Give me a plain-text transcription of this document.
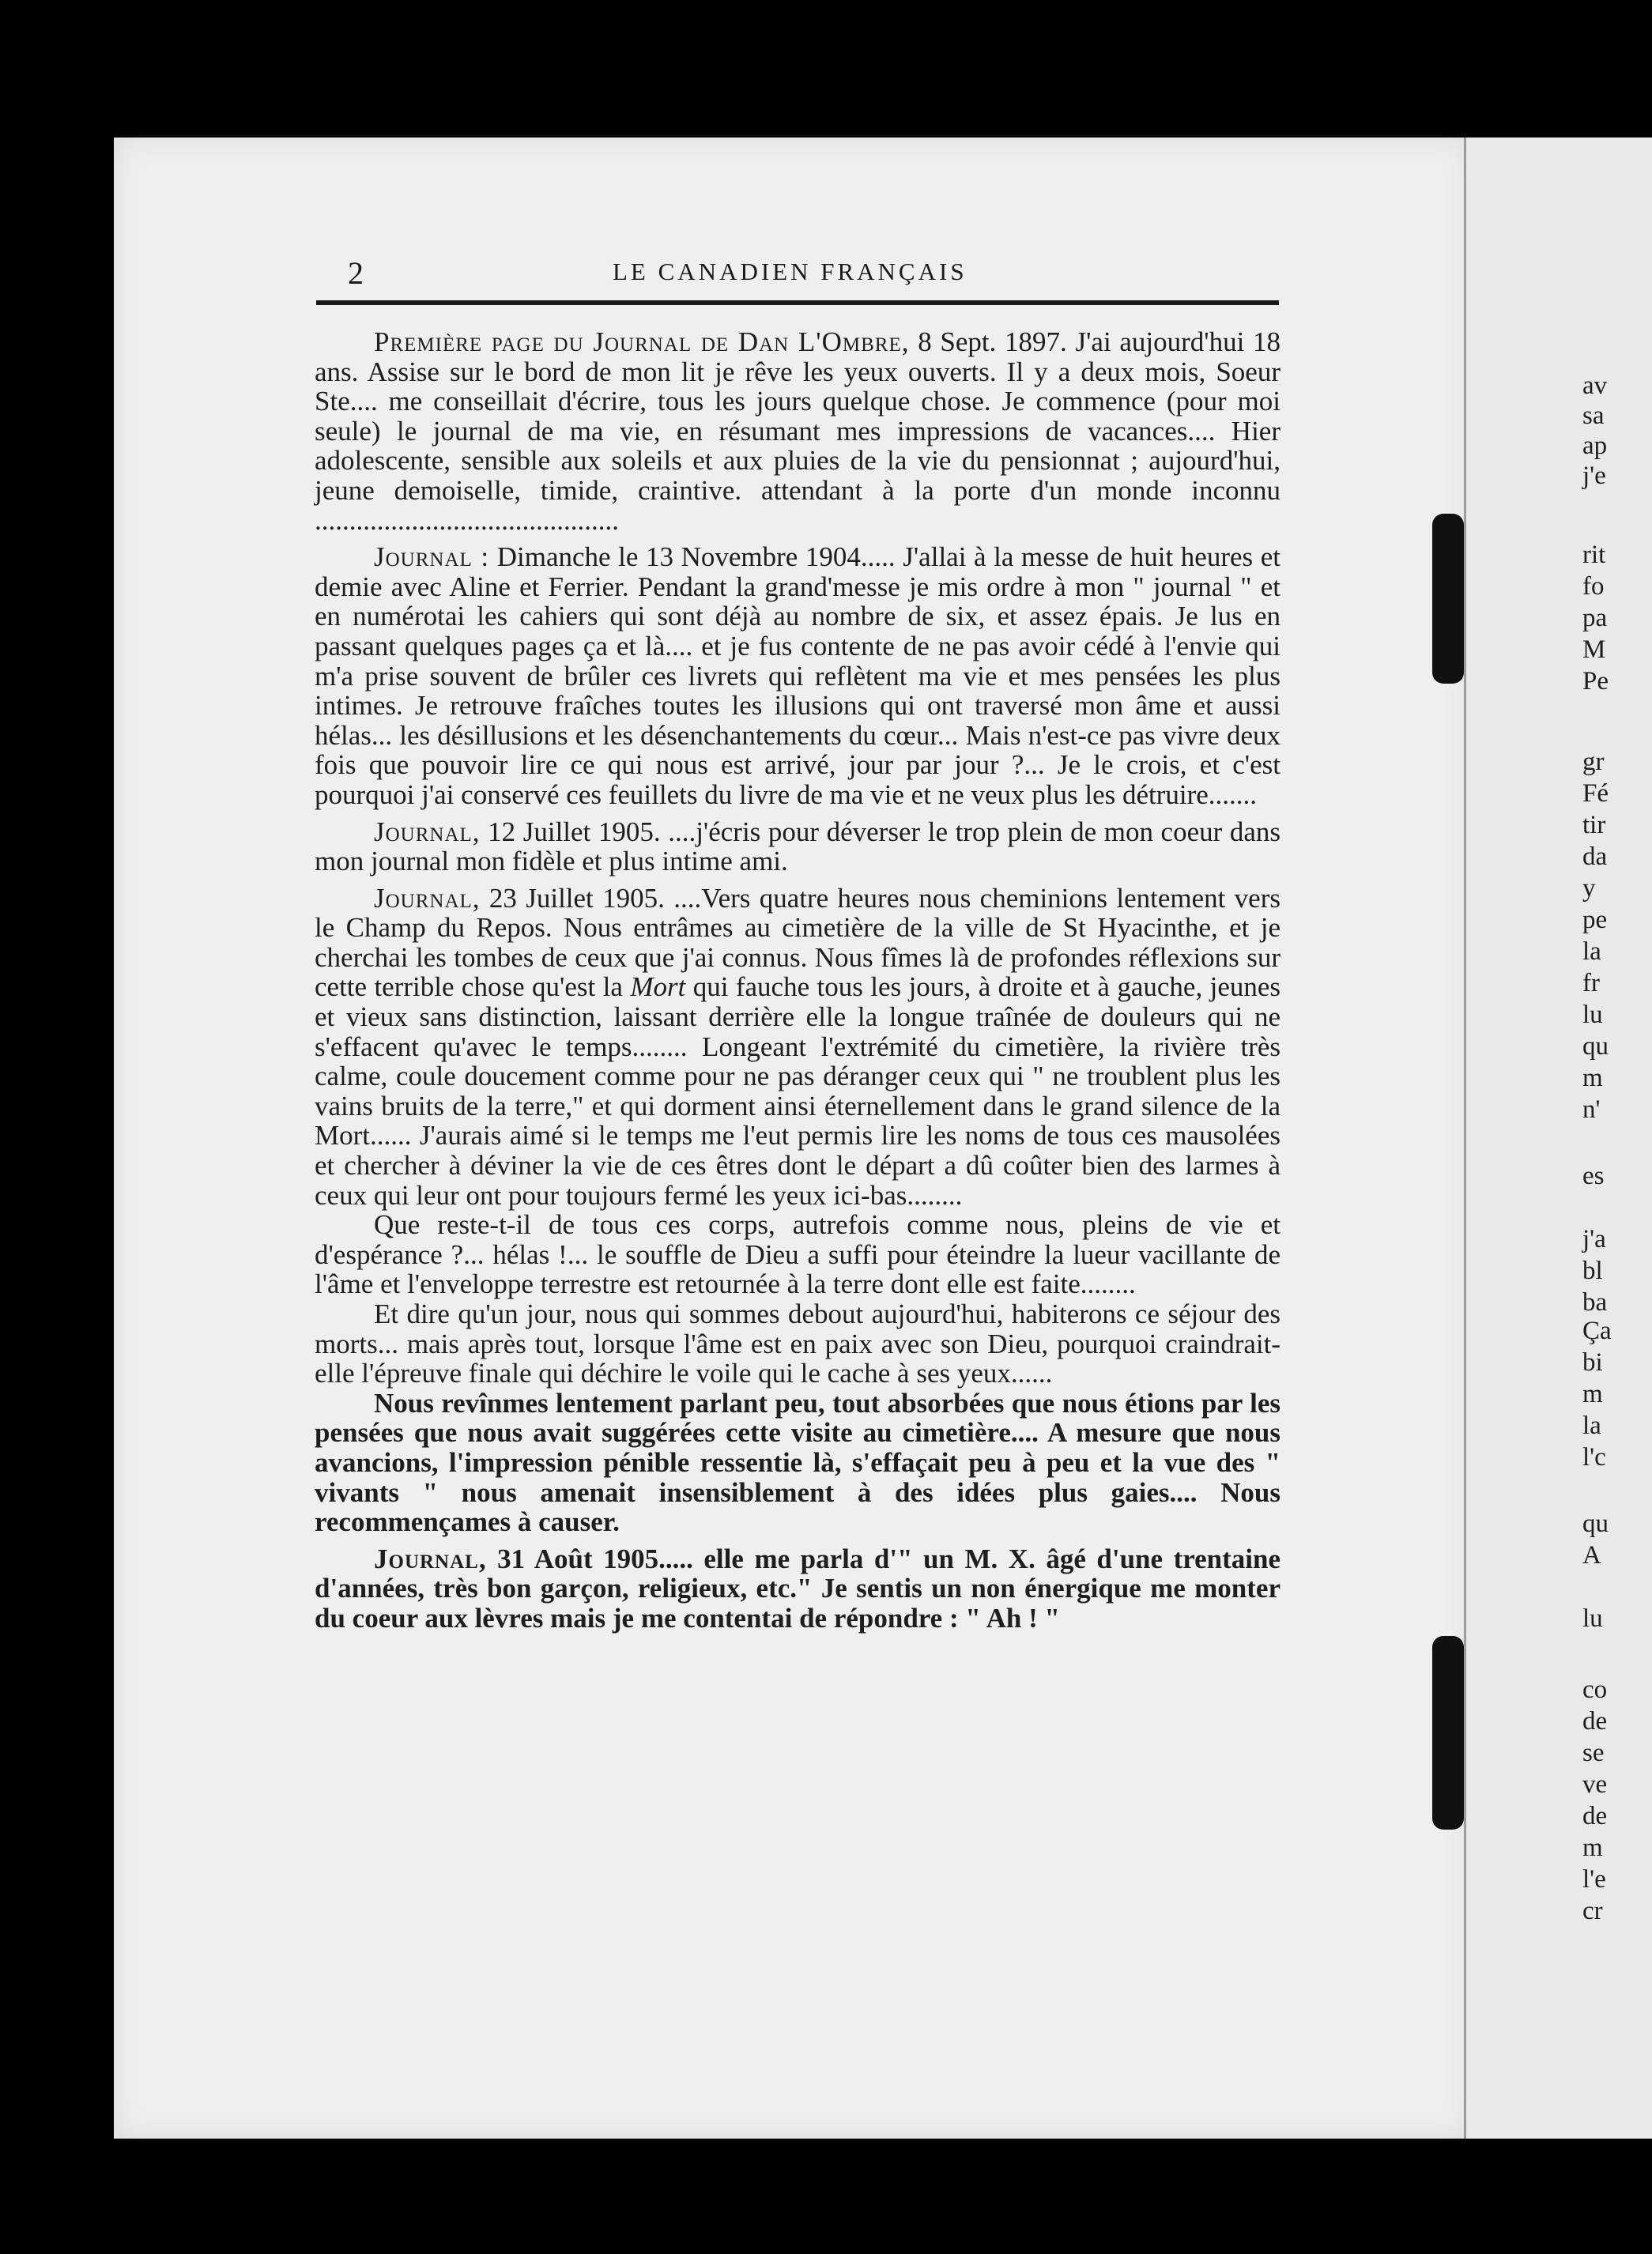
2	LE CANADIEN FRANÇAIS

Première page du Journal de Dan L'Ombre, 8 Sept. 1897. J'ai aujourd'hui 18 ans. Assise sur le bord de mon lit je rêve les yeux ouverts. Il y a deux mois, Soeur Ste.... me conseillait d'écrire, tous les jours quelque chose. Je commence (pour moi seule) le journal de ma vie, en résumant mes impressions de vacances.... Hier adolescente, sensible aux soleils et aux pluies de la vie du pensionnat ; aujourd'hui, jeune demoiselle, timide, craintive. attendant à la porte d'un monde inconnu ............................................

Journal : Dimanche le 13 Novembre 1904..... J'allai à la messe de huit heures et demie avec Aline et Ferrier. Pendant la grand'messe je mis ordre à mon " journal " et en numérotai les cahiers qui sont déjà au nombre de six, et assez épais. Je lus en passant quelques pages ça et là.... et je fus contente de ne pas avoir cédé à l'envie qui m'a prise souvent de brûler ces livrets qui reflètent ma vie et mes pensées les plus intimes. Je retrouve fraîches toutes les illusions qui ont traversé mon âme et aussi hélas... les désillusions et les désenchantements du cœur... Mais n'est-ce pas vivre deux fois que pouvoir lire ce qui nous est arrivé, jour par jour ?... Je le crois, et c'est pourquoi j'ai conservé ces feuillets du livre de ma vie et ne veux plus les détruire.......

Journal, 12 Juillet 1905. ....j'écris pour déverser le trop plein de mon coeur dans mon journal mon fidèle et plus intime ami.

Journal, 23 Juillet 1905. ....Vers quatre heures nous cheminions lentement vers le Champ du Repos. Nous entrâmes au cimetière de la ville de St Hyacinthe, et je cherchai les tombes de ceux que j'ai connus. Nous fîmes là de profondes réflexions sur cette terrible chose qu'est la Mort qui fauche tous les jours, à droite et à gauche, jeunes et vieux sans distinction, laissant derrière elle la longue traînée de douleurs qui ne s'effacent qu'avec le temps........ Longeant l'extrémité du cimetière, la rivière très calme, coule doucement comme pour ne pas déranger ceux qui " ne troublent plus les vains bruits de la terre," et qui dorment ainsi éternellement dans le grand silence de la Mort...... J'aurais aimé si le temps me l'eut permis lire les noms de tous ces mausolées et chercher à déviner la vie de ces êtres dont le départ a dû coûter bien des larmes à ceux qui leur ont pour toujours fermé les yeux ici-bas........

Que reste-t-il de tous ces corps, autrefois comme nous, pleins de vie et d'espérance ?... hélas !... le souffle de Dieu a suffi pour éteindre la lueur vacillante de l'âme et l'enveloppe terrestre est retournée à la terre dont elle est faite........

Et dire qu'un jour, nous qui sommes debout aujourd'hui, habiterons ce séjour des morts... mais après tout, lorsque l'âme est en paix avec son Dieu, pourquoi craindrait-elle l'épreuve finale qui déchire le voile qui le cache à ses yeux......

Nous revînmes lentement parlant peu, tout absorbées que nous étions par les pensées que nous avait suggérées cette visite au cimetière.... A mesure que nous avancions, l'impression pénible ressentie là, s'effaçait peu à peu et la vue des " vivants " nous amenait insensiblement à des idées plus gaies.... Nous recommençames à causer.

Journal, 31 Août 1905..... elle me parla d'" un M. X. âgé d'une trentaine d'années, très bon garçon, religieux, etc." Je sentis un non énergique me monter du coeur aux lèvres mais je me contentai de répondre : " Ah ! "

av
sa
ap
j'e
rit
fo
pa
M
Pe
gr
Fé
tir
da
y
pe
la
fr
lu
qu
m
n'
es
j'a
bl
ba
Ça
bi
m
la
l'c
qu
A
lu
co
de
se
ve
de
m
l'e
cr
